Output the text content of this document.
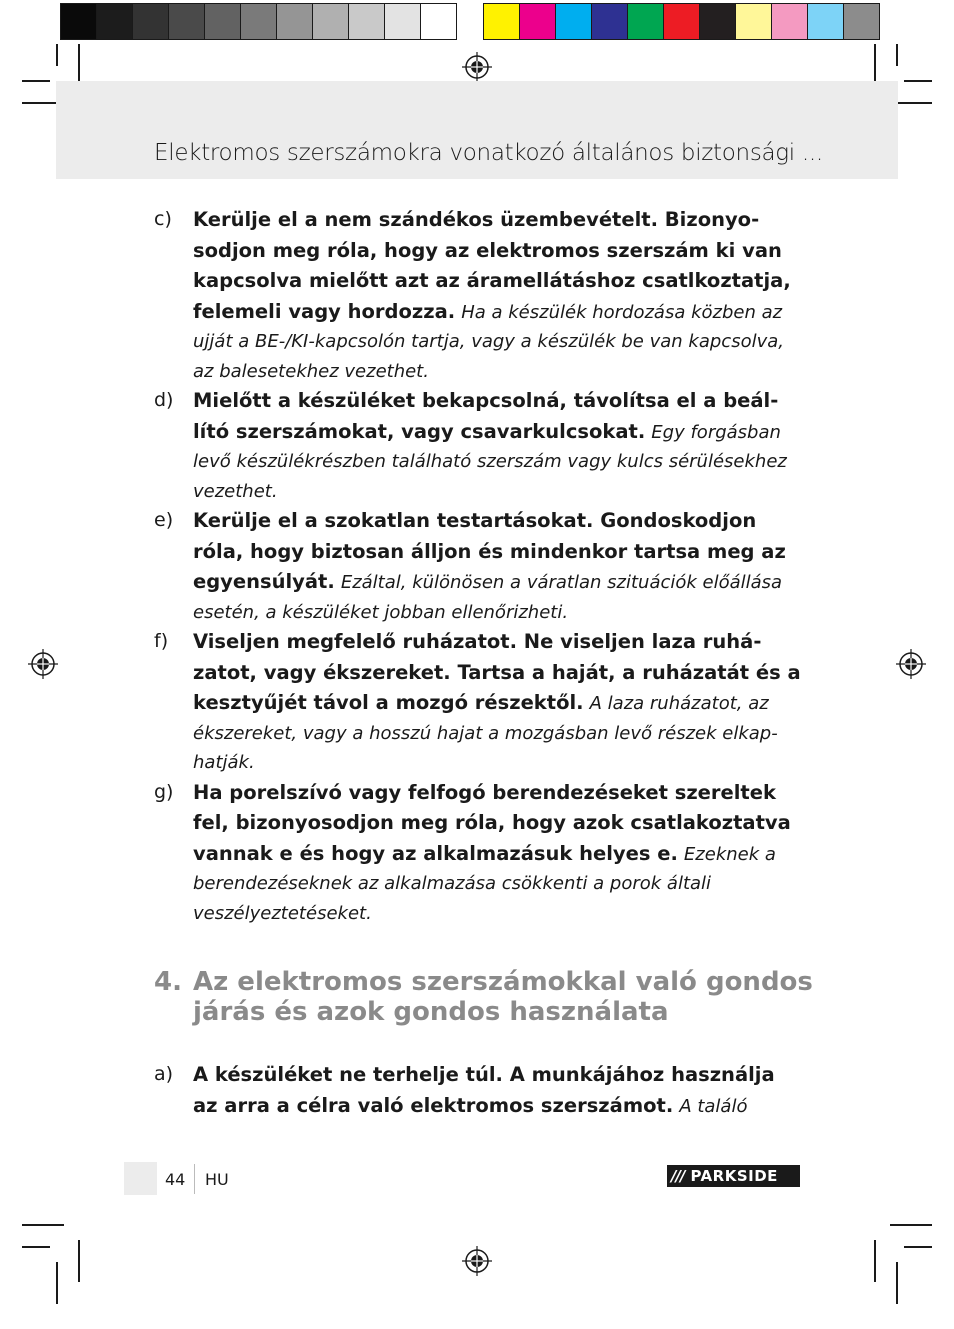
Elektromos szerszámokra vonatkozó általános biztonsági ...
c)	Kerülje el a nem szándékos üzembevételt. Bizonyosodjon meg róla, hogy az elektromos szerszám ki van kapcsolva mielőtt azt az áramellátáshoz csatlkoztatja, felemeli vagy hordozza. Ha a készülék hordozása közben az ujját a BE-/KI-kapcsolón tartja, vagy a készülék be van kapcsolva, az balesetekhez vezethet.
d)	Mielőtt a készüléket bekapcsolná, távolítsa el a beállító szerszámokat, vagy csavarkulcsokat. Egy forgásban levő készülékrészben található szerszám vagy kulcs sérülésekhez vezethet.
e)	Kerülje el a szokatlan testartásokat. Gondoskodjon róla, hogy biztosan álljon és mindenkor tartsa meg az egyensúlyát. Ezáltal, különösen a váratlan szituációk előállása esetén, a készüléket jobban ellenőrizheti.
f)	Viseljen megfelelő ruházatot. Ne viseljen laza ruházatot, vagy ékszereket. Tartsa a haját, a ruházatát és a kesztyűjét távol a mozgó részektől. A laza ruházatot, az ékszereket, vagy a hosszú hajat a mozgásban levő részek elkaphatják.
g)	Ha porelszívó vagy felfogó berendezéseket szereltek fel, bizonyosodjon meg róla, hogy azok csatlakoztatva vannak e és hogy az alkalmazásuk helyes e. Ezeknek a berendezéseknek az alkalmazása csökkenti a porok általi veszélyeztetéseket.
4. Az elektromos szerszámokkal való gondos járás és azok gondos használata
a)	A készüléket ne terhelje túl. A munkájához használja az arra a célra való elektromos szerszámot. A találó
44 HU	/// PARKSIDE
